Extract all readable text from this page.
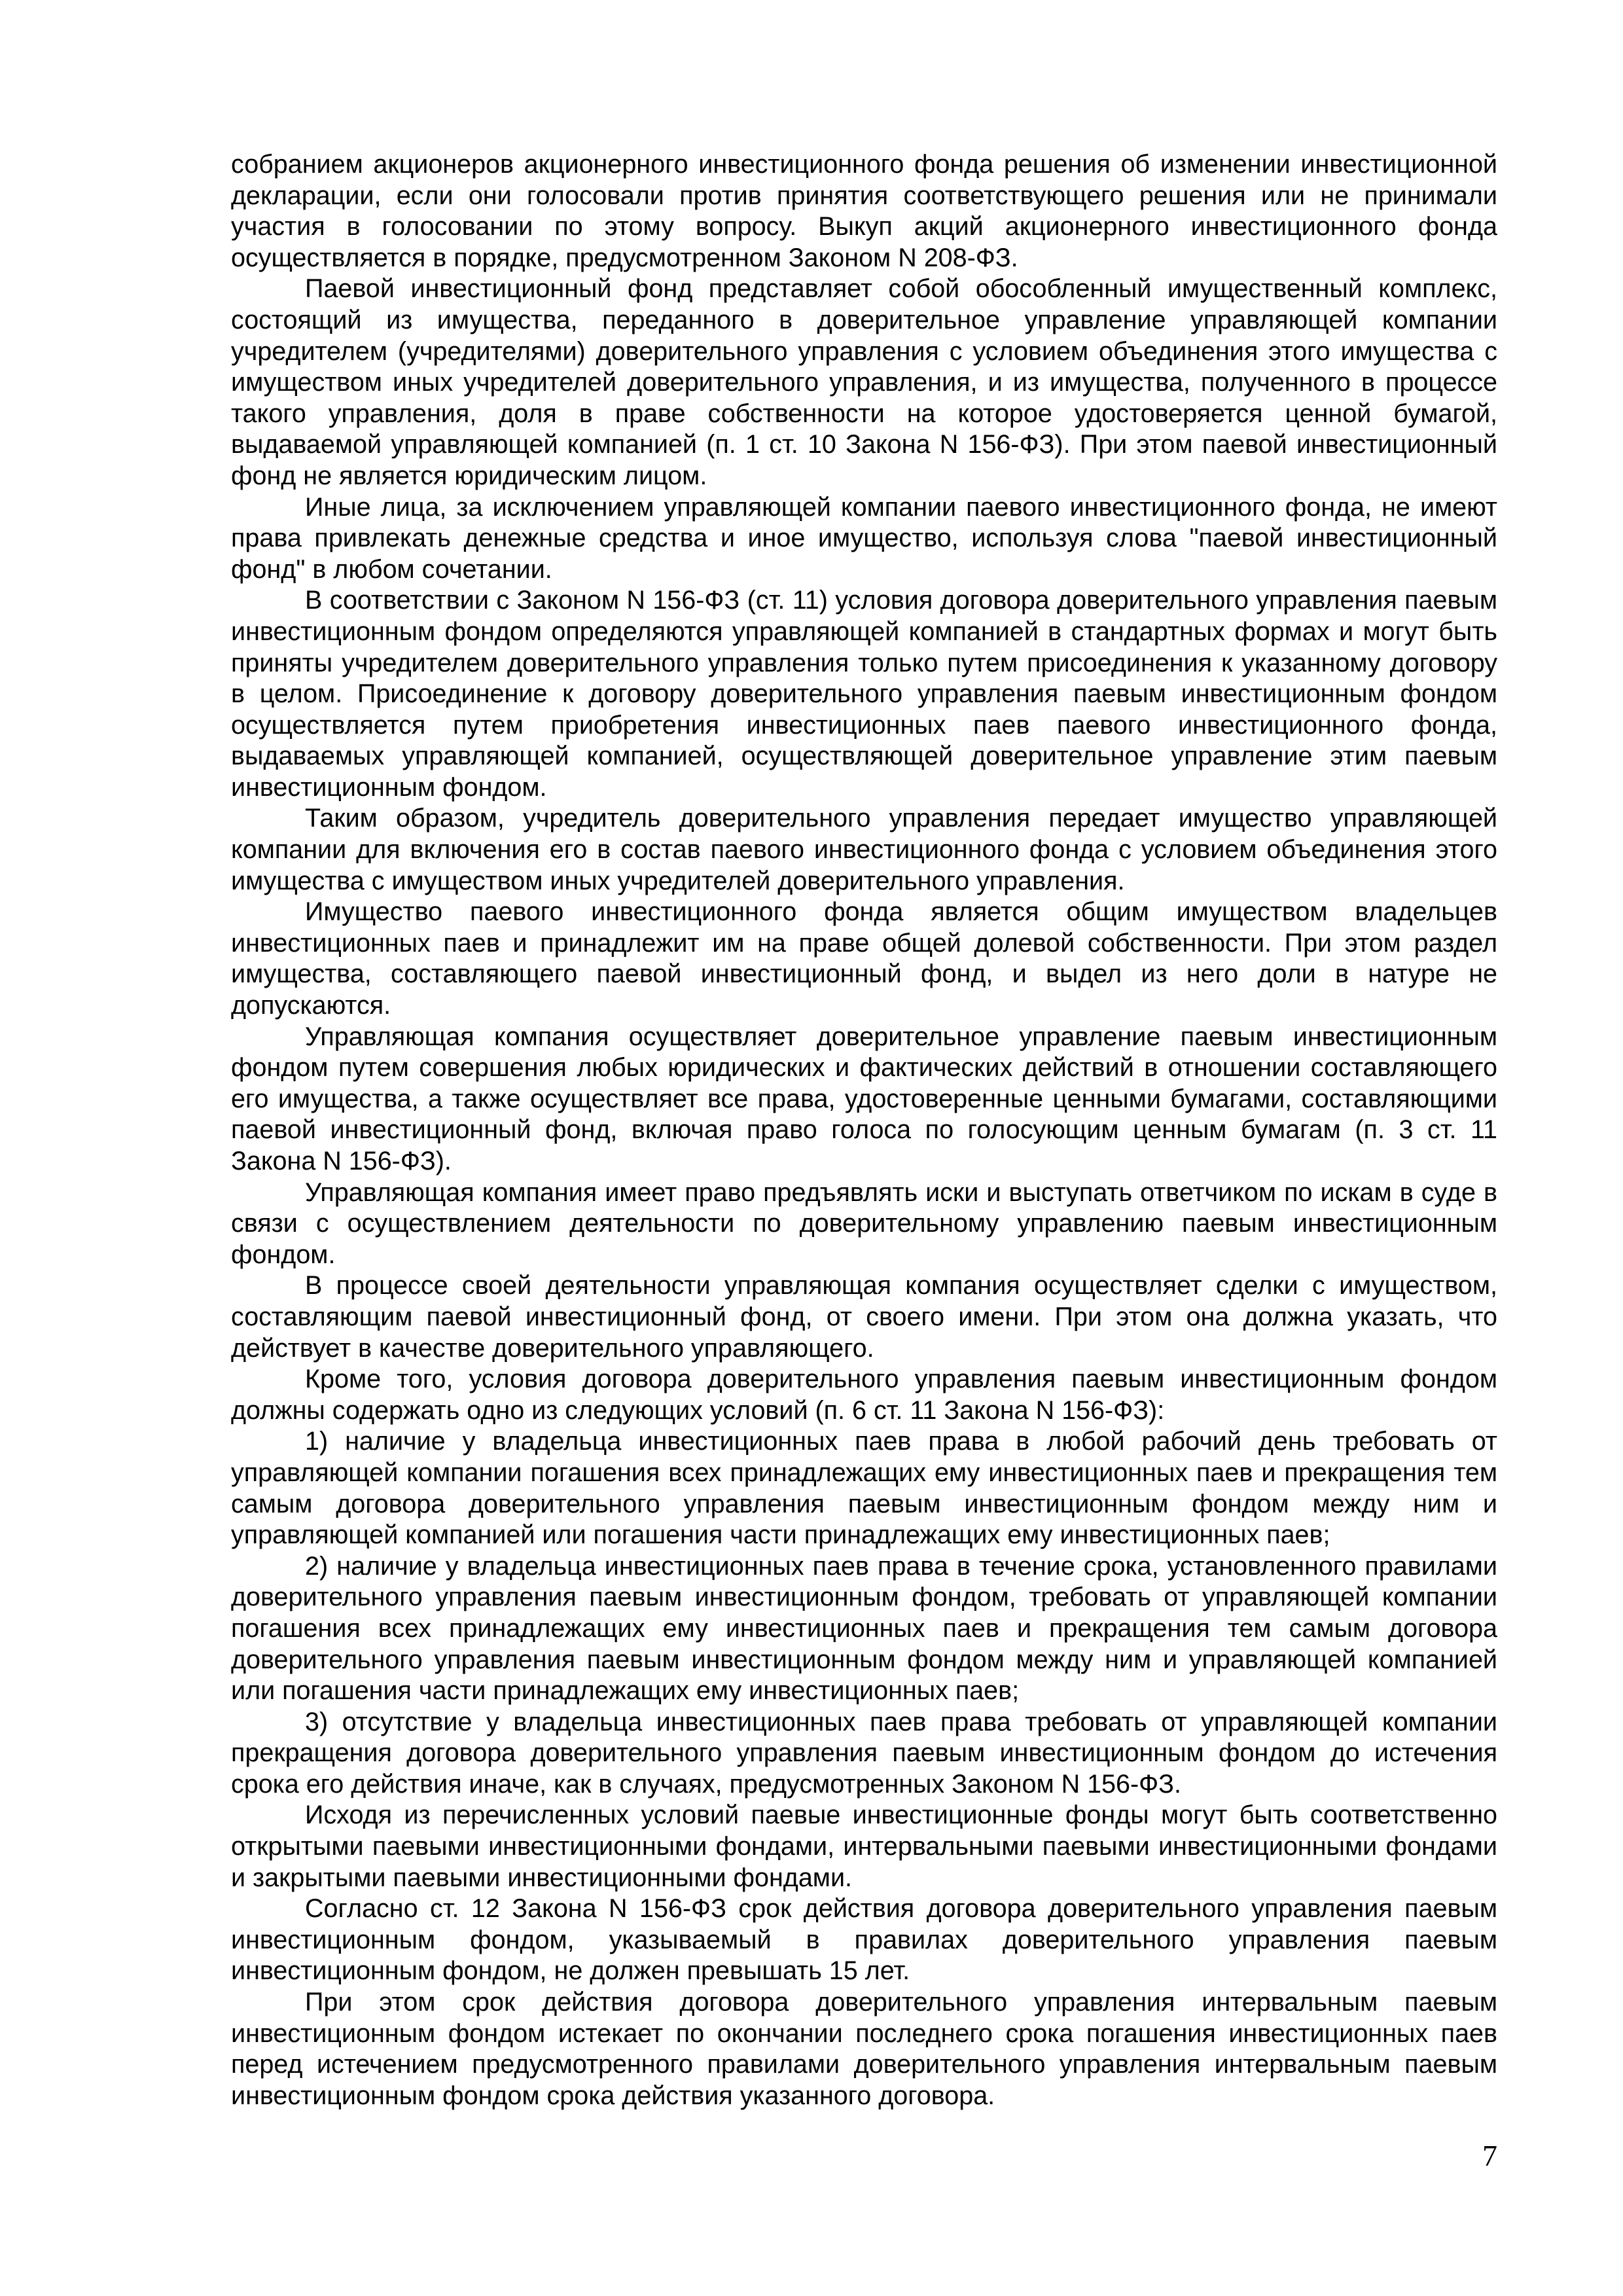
собранием акционеров акционерного инвестиционного фонда решения об изменении инвестиционной декларации, если они голосовали против принятия соответствующего решения или не принимали участия в голосовании по этому вопросу. Выкуп акций акционерного инвестиционного фонда осуществляется в порядке, предусмотренном Законом N 208-ФЗ.

Паевой инвестиционный фонд представляет собой обособленный имущественный комплекс, состоящий из имущества, переданного в доверительное управление управляющей компании учредителем (учредителями) доверительного управления с условием объединения этого имущества с имуществом иных учредителей доверительного управления, и из имущества, полученного в процессе такого управления, доля в праве собственности на которое удостоверяется ценной бумагой, выдаваемой управляющей компанией (п. 1 ст. 10 Закона N 156-ФЗ). При этом паевой инвестиционный фонд не является юридическим лицом.

Иные лица, за исключением управляющей компании паевого инвестиционного фонда, не имеют права привлекать денежные средства и иное имущество, используя слова "паевой инвестиционный фонд" в любом сочетании.

В соответствии с Законом N 156-ФЗ (ст. 11) условия договора доверительного управления паевым инвестиционным фондом определяются управляющей компанией в стандартных формах и могут быть приняты учредителем доверительного управления только путем присоединения к указанному договору в целом. Присоединение к договору доверительного управления паевым инвестиционным фондом осуществляется путем приобретения инвестиционных паев паевого инвестиционного фонда, выдаваемых управляющей компанией, осуществляющей доверительное управление этим паевым инвестиционным фондом.

Таким образом, учредитель доверительного управления передает имущество управляющей компании для включения его в состав паевого инвестиционного фонда с условием объединения этого имущества с имуществом иных учредителей доверительного управления.

Имущество паевого инвестиционного фонда является общим имуществом владельцев инвестиционных паев и принадлежит им на праве общей долевой собственности. При этом раздел имущества, составляющего паевой инвестиционный фонд, и выдел из него доли в натуре не допускаются.

Управляющая компания осуществляет доверительное управление паевым инвестиционным фондом путем совершения любых юридических и фактических действий в отношении составляющего его имущества, а также осуществляет все права, удостоверенные ценными бумагами, составляющими паевой инвестиционный фонд, включая право голоса по голосующим ценным бумагам (п. 3 ст. 11 Закона N 156-ФЗ).

Управляющая компания имеет право предъявлять иски и выступать ответчиком по искам в суде в связи с осуществлением деятельности по доверительному управлению паевым инвестиционным фондом.

В процессе своей деятельности управляющая компания осуществляет сделки с имуществом, составляющим паевой инвестиционный фонд, от своего имени. При этом она должна указать, что действует в качестве доверительного управляющего.

Кроме того, условия договора доверительного управления паевым инвестиционным фондом должны содержать одно из следующих условий (п. 6 ст. 11 Закона N 156-ФЗ):

1) наличие у владельца инвестиционных паев права в любой рабочий день требовать от управляющей компании погашения всех принадлежащих ему инвестиционных паев и прекращения тем самым договора доверительного управления паевым инвестиционным фондом между ним и управляющей компанией или погашения части принадлежащих ему инвестиционных паев;

2) наличие у владельца инвестиционных паев права в течение срока, установленного правилами доверительного управления паевым инвестиционным фондом, требовать от управляющей компании погашения всех принадлежащих ему инвестиционных паев и прекращения тем самым договора доверительного управления паевым инвестиционным фондом между ним и управляющей компанией или погашения части принадлежащих ему инвестиционных паев;

3) отсутствие у владельца инвестиционных паев права требовать от управляющей компании прекращения договора доверительного управления паевым инвестиционным фондом до истечения срока его действия иначе, как в случаях, предусмотренных Законом N 156-ФЗ.

Исходя из перечисленных условий паевые инвестиционные фонды могут быть соответственно открытыми паевыми инвестиционными фондами, интервальными паевыми инвестиционными фондами и закрытыми паевыми инвестиционными фондами.

Согласно ст. 12 Закона N 156-ФЗ срок действия договора доверительного управления паевым инвестиционным фондом, указываемый в правилах доверительного управления паевым инвестиционным фондом, не должен превышать 15 лет.

При этом срок действия договора доверительного управления интервальным паевым инвестиционным фондом истекает по окончании последнего срока погашения инвестиционных паев перед истечением предусмотренного правилами доверительного управления интервальным паевым инвестиционным фондом срока действия указанного договора.

7
